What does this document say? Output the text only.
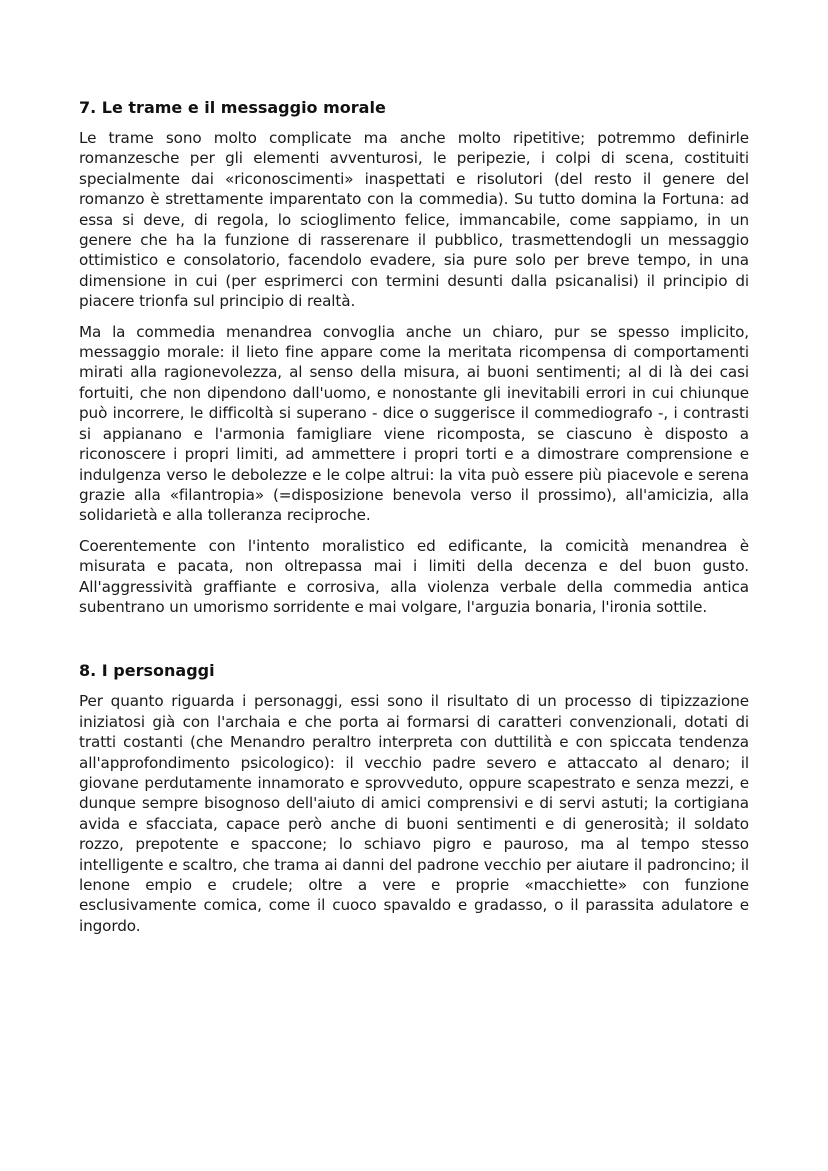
7. Le trame e il messaggio morale

Le trame sono molto complicate ma anche molto ripetitive; potremmo definirle romanzesche per gli elementi avventurosi, le peripezie, i colpi di scena, costituiti specialmente dai «riconoscimenti» inaspettati e risolutori (del resto il genere del romanzo è strettamente imparentato con la commedia). Su tutto domina la Fortuna: ad essa si deve, di regola, lo scioglimento felice, immancabile, come sappiamo, in un genere che ha la funzione di rasserenare il pubblico, trasmettendogli un messaggio ottimistico e consolatorio, facendolo evadere, sia pure solo per breve tempo, in una dimensione in cui (per esprimerci con termini desunti dalla psicanalisi) il principio di piacere trionfa sul principio di realtà.

Ma la commedia menandrea convoglia anche un chiaro, pur se spesso implicito, messaggio morale: il lieto fine appare come la meritata ricompensa di comportamenti mirati alla ragionevolezza, al senso della misura, ai buoni sentimenti; al di là dei casi fortuiti, che non dipendono dall'uomo, e nonostante gli inevitabili errori in cui chiunque può incorrere, le difficoltà si superano - dice o suggerisce il commediografo -, i contrasti si appianano e l'armonia famigliare viene ricomposta, se ciascuno è disposto a riconoscere i propri limiti, ad ammettere i propri torti e a dimostrare comprensione e indulgenza verso le debolezze e le colpe altrui: la vita può essere più piacevole e serena grazie alla «filantropia» (=disposizione benevola verso il prossimo), all'amicizia, alla solidarietà e alla tolleranza reciproche.

Coerentemente con l'intento moralistico ed edificante, la comicità menandrea è misurata e pacata, non oltrepassa mai i limiti della decenza e del buon gusto. All'aggressività graffiante e corrosiva, alla violenza verbale della commedia antica subentrano un umorismo sorridente e mai volgare, l'arguzia bonaria, l'ironia sottile.

8. I personaggi

Per quanto riguarda i personaggi, essi sono il risultato di un processo di tipizzazione iniziatosi già con l'archaia e che porta ai formarsi di caratteri convenzionali, dotati di tratti costanti (che Menandro peraltro interpreta con duttilità e con spiccata tendenza all'approfondimento psicologico): il vecchio padre severo e attaccato al denaro; il giovane perdutamente innamorato e sprovveduto, oppure scapestrato e senza mezzi, e dunque sempre bisognoso dell'aiuto di amici comprensivi e di servi astuti; la cortigiana avida e sfacciata, capace però anche di buoni sentimenti e di generosità; il soldato rozzo, prepotente e spaccone; lo schiavo pigro e pauroso, ma al tempo stesso intelligente e scaltro, che trama ai danni del padrone vecchio per aiutare il padroncino; il lenone empio e crudele; oltre a vere e proprie «macchiette» con funzione esclusivamente comica, come il cuoco spavaldo e gradasso, o il parassita adulatore e ingordo.
